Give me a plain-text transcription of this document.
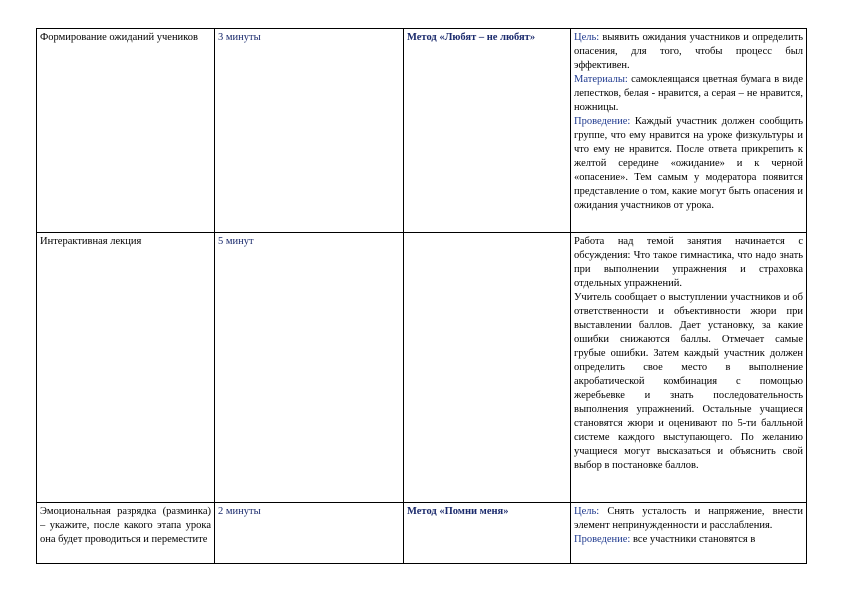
Формирование ожиданий учеников	3 минуты	Метод «Любят – не любят»	Цель: выявить ожидания участников и определить опасения, для того, чтобы процесс был эффективен.

Материалы: самоклеящаяся цветная бумага в виде лепестков, белая - нравится, а серая – не нравится, ножницы.

Проведение: Каждый участник должен сообщить группе, что ему нравится на уроке физкультуры и что ему не нравится. После ответа прикрепить к желтой середине «ожидание» и к черной «опасение». Тем самым у модератора появится представление о том, какие могут быть опасения и ожидания участников от урока.

Интерактивная лекция	5 минут		Работа над темой занятия начинается с обсуждения: Что такое гимнастика, что надо знать при выполнении упражнения и страховка отдельных упражнений.

Учитель сообщает о выступлении участников и об ответственности и объективности жюри при выставлении баллов. Дает установку, за какие ошибки снижаются баллы. Отмечает самые грубые ошибки. Затем каждый участник должен определить свое место в выполнение акробатической комбинация с помощью жеребьевке и знать последовательность выполнения упражнений. Остальные учащиеся становятся жюри и оценивают по 5-ти балльной системе каждого выступающего. По желанию учащиеся могут высказаться и объяснить свой выбор в постановке баллов.

Эмоциональная разрядка (разминка) – укажите, после какого этапа урока она будет проводиться и переместите	2 минуты	Метод «Помни меня»	Цель: Снять усталость и напряжение, внести элемент непринужденности и расслабления.

Проведение: все участники становятся в
